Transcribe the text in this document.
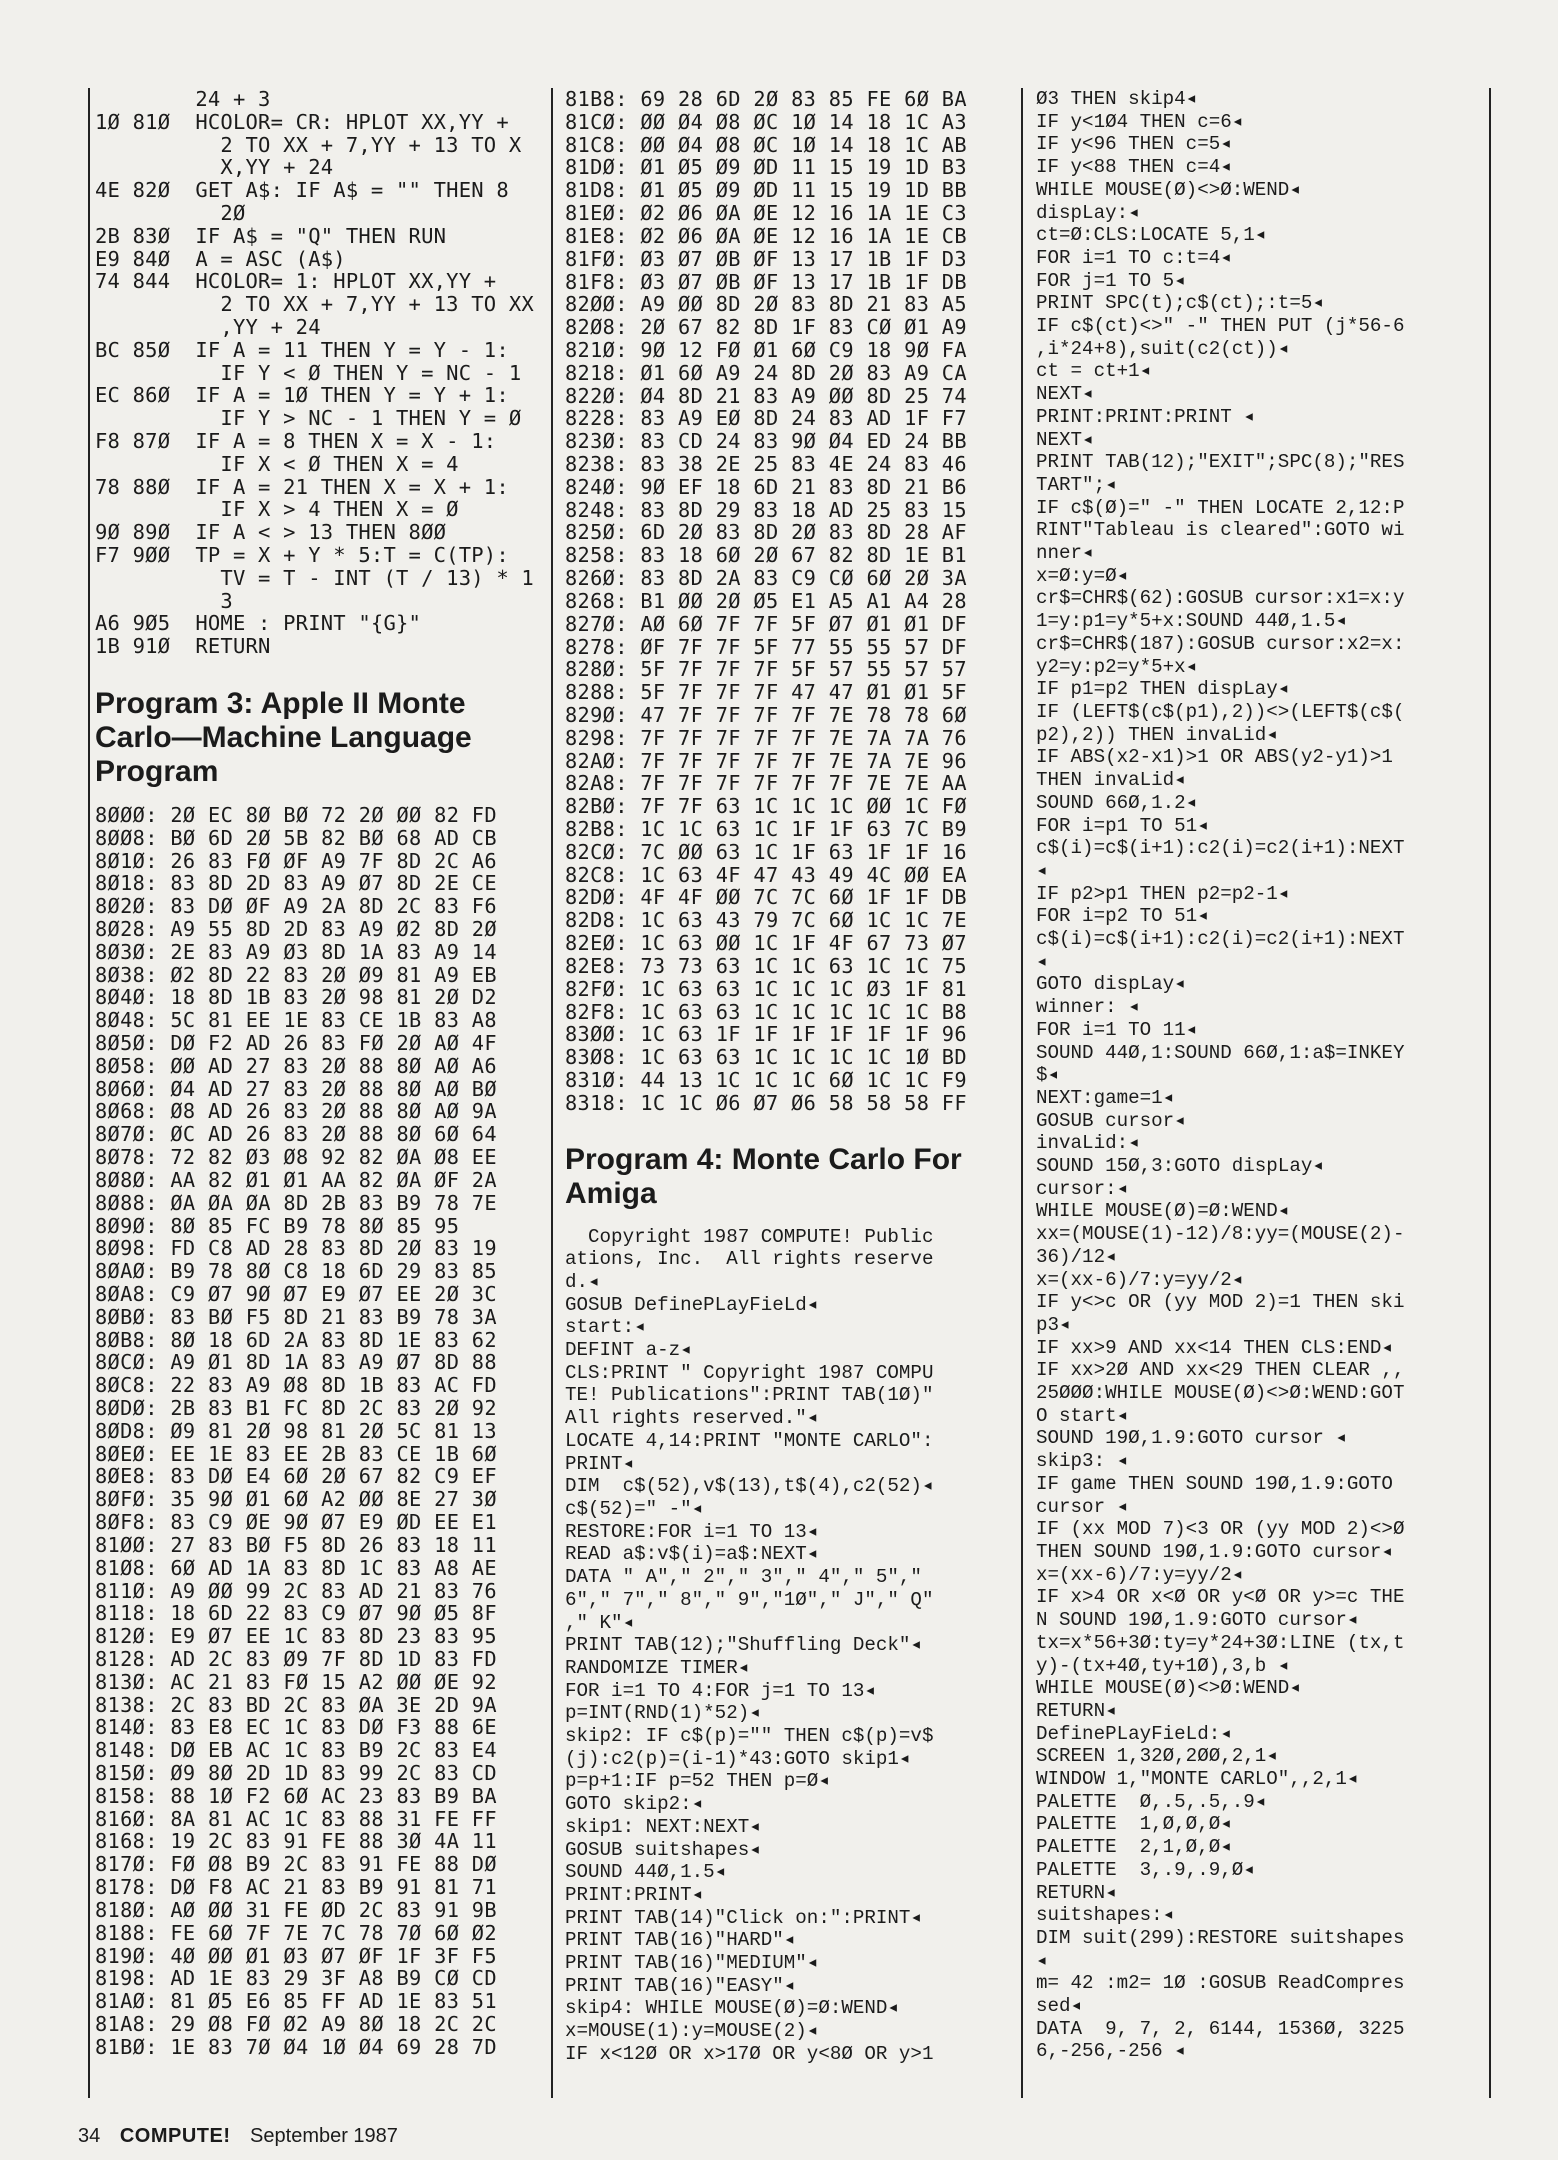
24 + 3
1Ø 81Ø  HCOLOR= CR: HPLOT XX,YY +
2 TO XX + 7,YY + 13 TO X
X,YY + 24
4E 82Ø  GET A$: IF A$ = "" THEN 8
2Ø
2B 83Ø  IF A$ = "Q" THEN RUN
E9 84Ø  A = ASC (A$)
74 844  HCOLOR= 1: HPLOT XX,YY +
2 TO XX + 7,YY + 13 TO XX
,YY + 24
BC 85Ø  IF A = 11 THEN Y = Y - 1:
IF Y < Ø THEN Y = NC - 1
EC 86Ø  IF A = 1Ø THEN Y = Y + 1:
IF Y > NC - 1 THEN Y = Ø
F8 87Ø  IF A = 8 THEN X = X - 1:
IF X < Ø THEN X = 4
78 88Ø  IF A = 21 THEN X = X + 1:
IF X > 4 THEN X = Ø
9Ø 89Ø  IF A < > 13 THEN 8ØØ
F7 9ØØ  TP = X + Y * 5:T = C(TP):
TV = T - INT (T / 13) * 1
3
A6 9Ø5  HOME : PRINT "{G}"
1B 91Ø  RETURN
Program 3: Apple II Monte Carlo—Machine Language Program
8ØØØ: 2Ø EC 8Ø BØ 72 2Ø ØØ 82 FD
8ØØ8: BØ 6D 2Ø 5B 82 BØ 68 AD CB
8Ø1Ø: 26 83 FØ ØF A9 7F 8D 2C A6
8Ø18: 83 8D 2D 83 A9 Ø7 8D 2E CE
8Ø2Ø: 83 DØ ØF A9 2A 8D 2C 83 F6
8Ø28: A9 55 8D 2D 83 A9 Ø2 8D 2Ø
8Ø3Ø: 2E 83 A9 Ø3 8D 1A 83 A9 14
8Ø38: Ø2 8D 22 83 2Ø Ø9 81 A9 EB
8Ø4Ø: 18 8D 1B 83 2Ø 98 81 2Ø D2
8Ø48: 5C 81 EE 1E 83 CE 1B 83 A8
8Ø5Ø: DØ F2 AD 26 83 FØ 2Ø AØ 4F
8Ø58: ØØ AD 27 83 2Ø 88 8Ø AØ A6
8Ø6Ø: Ø4 AD 27 83 2Ø 88 8Ø AØ BØ
8Ø68: Ø8 AD 26 83 2Ø 88 8Ø AØ 9A
8Ø7Ø: ØC AD 26 83 2Ø 88 8Ø 6Ø 64
8Ø78: 72 82 Ø3 Ø8 92 82 ØA Ø8 EE
8Ø8Ø: AA 82 Ø1 Ø1 AA 82 ØA ØF 2A
8Ø88: ØA ØA ØA 8D 2B 83 B9 78 7E
8Ø9Ø: 8Ø 85 FC B9 78 8Ø 85 95
8Ø98: FD C8 AD 28 83 8D 2Ø 83 19
8ØAØ: B9 78 8Ø C8 18 6D 29 83 85
8ØA8: C9 Ø7 9Ø Ø7 E9 Ø7 EE 2Ø 3C
8ØBØ: 83 BØ F5 8D 21 83 B9 78 3A
8ØB8: 8Ø 18 6D 2A 83 8D 1E 83 62
8ØCØ: A9 Ø1 8D 1A 83 A9 Ø7 8D 88
8ØC8: 22 83 A9 Ø8 8D 1B 83 AC FD
8ØDØ: 2B 83 B1 FC 8D 2C 83 2Ø 92
8ØD8: Ø9 81 2Ø 98 81 2Ø 5C 81 13
8ØEØ: EE 1E 83 EE 2B 83 CE 1B 6Ø
8ØE8: 83 DØ E4 6Ø 2Ø 67 82 C9 EF
8ØFØ: 35 9Ø Ø1 6Ø A2 ØØ 8E 27 3Ø
8ØF8: 83 C9 ØE 9Ø Ø7 E9 ØD EE E1
81ØØ: 27 83 BØ F5 8D 26 83 18 11
81Ø8: 6Ø AD 1A 83 8D 1C 83 A8 AE
811Ø: A9 ØØ 99 2C 83 AD 21 83 76
8118: 18 6D 22 83 C9 Ø7 9Ø Ø5 8F
812Ø: E9 Ø7 EE 1C 83 8D 23 83 95
8128: AD 2C 83 Ø9 7F 8D 1D 83 FD
813Ø: AC 21 83 FØ 15 A2 ØØ ØE 92
8138: 2C 83 BD 2C 83 ØA 3E 2D 9A
814Ø: 83 E8 EC 1C 83 DØ F3 88 6E
8148: DØ EB AC 1C 83 B9 2C 83 E4
815Ø: Ø9 8Ø 2D 1D 83 99 2C 83 CD
8158: 88 1Ø F2 6Ø AC 23 83 B9 BA
816Ø: 8A 81 AC 1C 83 88 31 FE FF
8168: 19 2C 83 91 FE 88 3Ø 4A 11
817Ø: FØ Ø8 B9 2C 83 91 FE 88 DØ
8178: DØ F8 AC 21 83 B9 91 81 71
818Ø: AØ ØØ 31 FE ØD 2C 83 91 9B
8188: FE 6Ø 7F 7E 7C 78 7Ø 6Ø Ø2
819Ø: 4Ø ØØ Ø1 Ø3 Ø7 ØF 1F 3F F5
8198: AD 1E 83 29 3F A8 B9 CØ CD
81AØ: 81 Ø5 E6 85 FF AD 1E 83 51
81A8: 29 Ø8 FØ Ø2 A9 8Ø 18 2C 2C
81BØ: 1E 83 7Ø Ø4 1Ø Ø4 69 28 7D
81B8: 69 28 6D 2Ø 83 85 FE 6Ø BA
81CØ: ØØ Ø4 Ø8 ØC 1Ø 14 18 1C A3
81C8: ØØ Ø4 Ø8 ØC 1Ø 14 18 1C AB
81DØ: Ø1 Ø5 Ø9 ØD 11 15 19 1D B3
81D8: Ø1 Ø5 Ø9 ØD 11 15 19 1D BB
81EØ: Ø2 Ø6 ØA ØE 12 16 1A 1E C3
81E8: Ø2 Ø6 ØA ØE 12 16 1A 1E CB
81FØ: Ø3 Ø7 ØB ØF 13 17 1B 1F D3
81F8: Ø3 Ø7 ØB ØF 13 17 1B 1F DB
82ØØ: A9 ØØ 8D 2Ø 83 8D 21 83 A5
82Ø8: 2Ø 67 82 8D 1F 83 CØ Ø1 A9
821Ø: 9Ø 12 FØ Ø1 6Ø C9 18 9Ø FA
8218: Ø1 6Ø A9 24 8D 2Ø 83 A9 CA
822Ø: Ø4 8D 21 83 A9 ØØ 8D 25 74
8228: 83 A9 EØ 8D 24 83 AD 1F F7
823Ø: 83 CD 24 83 9Ø Ø4 ED 24 BB
8238: 83 38 2E 25 83 4E 24 83 46
824Ø: 9Ø EF 18 6D 21 83 8D 21 B6
8248: 83 8D 29 83 18 AD 25 83 15
825Ø: 6D 2Ø 83 8D 2Ø 83 8D 28 AF
8258: 83 18 6Ø 2Ø 67 82 8D 1E B1
826Ø: 83 8D 2A 83 C9 CØ 6Ø 2Ø 3A
8268: B1 ØØ 2Ø Ø5 E1 A5 A1 A4 28
827Ø: AØ 6Ø 7F 7F 5F Ø7 Ø1 Ø1 DF
8278: ØF 7F 7F 5F 77 55 55 57 DF
828Ø: 5F 7F 7F 7F 5F 57 55 57 57
8288: 5F 7F 7F 7F 47 47 Ø1 Ø1 5F
829Ø: 47 7F 7F 7F 7F 7E 78 78 6Ø
8298: 7F 7F 7F 7F 7F 7E 7A 7A 76
82AØ: 7F 7F 7F 7F 7F 7E 7A 7E 96
82A8: 7F 7F 7F 7F 7F 7F 7E 7E AA
82BØ: 7F 7F 63 1C 1C 1C ØØ 1C FØ
82B8: 1C 1C 63 1C 1F 1F 63 7C B9
82CØ: 7C ØØ 63 1C 1F 63 1F 1F 16
82C8: 1C 63 4F 47 43 49 4C ØØ EA
82DØ: 4F 4F ØØ 7C 7C 6Ø 1F 1F DB
82D8: 1C 63 43 79 7C 6Ø 1C 1C 7E
82EØ: 1C 63 ØØ 1C 1F 4F 67 73 Ø7
82E8: 73 73 63 1C 1C 63 1C 1C 75
82FØ: 1C 63 63 1C 1C 1C Ø3 1F 81
82F8: 1C 63 63 1C 1C 1C 1C 1C B8
83ØØ: 1C 63 1F 1F 1F 1F 1F 1F 96
83Ø8: 1C 63 63 1C 1C 1C 1C 1Ø BD
831Ø: 44 13 1C 1C 1C 6Ø 1C 1C F9
8318: 1C 1C Ø6 Ø7 Ø6 58 58 58 FF
Program 4: Monte Carlo For Amiga
Copyright 1987 COMPUTE! Public
ations, Inc.  All rights reserve
d.◂
GOSUB DefinePLayFieLd◂
start:◂
DEFINT a-z◂
CLS:PRINT " Copyright 1987 COMPU
TE! Publications":PRINT TAB(1Ø)"
All rights reserved."◂
LOCATE 4,14:PRINT "MONTE CARLO":
PRINT◂
DIM  c$(52),v$(13),t$(4),c2(52)◂
c$(52)=" -"◂
RESTORE:FOR i=1 TO 13◂
READ a$:v$(i)=a$:NEXT◂
DATA " A"," 2"," 3"," 4"," 5","
6"," 7"," 8"," 9","1Ø"," J"," Q"
," K"◂
PRINT TAB(12);"Shuffling Deck"◂
RANDOMIZE TIMER◂
FOR i=1 TO 4:FOR j=1 TO 13◂
p=INT(RND(1)*52)◂
skip2: IF c$(p)="" THEN c$(p)=v$
(j):c2(p)=(i-1)*43:GOTO skip1◂
p=p+1:IF p=52 THEN p=Ø◂
GOTO skip2:◂
skip1: NEXT:NEXT◂
GOSUB suitshapes◂
SOUND 44Ø,1.5◂
PRINT:PRINT◂
PRINT TAB(14)"Click on:":PRINT◂
PRINT TAB(16)"HARD"◂
PRINT TAB(16)"MEDIUM"◂
PRINT TAB(16)"EASY"◂
skip4: WHILE MOUSE(Ø)=Ø:WEND◂
x=MOUSE(1):y=MOUSE(2)◂
IF x<12Ø OR x>17Ø OR y<8Ø OR y>1
Ø3 THEN skip4◂
IF y<1Ø4 THEN c=6◂
IF y<96 THEN c=5◂
IF y<88 THEN c=4◂
WHILE MOUSE(Ø)<>Ø:WEND◂
dispLay:◂
ct=Ø:CLS:LOCATE 5,1◂
FOR i=1 TO c:t=4◂
FOR j=1 TO 5◂
PRINT SPC(t);c$(ct);:t=5◂
IF c$(ct)<>" -" THEN PUT (j*56-6
,i*24+8),suit(c2(ct))◂
ct = ct+1◂
NEXT◂
PRINT:PRINT:PRINT ◂
NEXT◂
PRINT TAB(12);"EXIT";SPC(8);"RES
TART";◂
IF c$(Ø)=" -" THEN LOCATE 2,12:P
RINT"Tableau is cleared":GOTO wi
nner◂
x=Ø:y=Ø◂
cr$=CHR$(62):GOSUB cursor:x1=x:y
1=y:p1=y*5+x:SOUND 44Ø,1.5◂
cr$=CHR$(187):GOSUB cursor:x2=x:
y2=y:p2=y*5+x◂
IF p1=p2 THEN dispLay◂
IF (LEFT$(c$(p1),2))<>(LEFT$(c$(
p2),2)) THEN invaLid◂
IF ABS(x2-x1)>1 OR ABS(y2-y1)>1
THEN invaLid◂
SOUND 66Ø,1.2◂
FOR i=p1 TO 51◂
c$(i)=c$(i+1):c2(i)=c2(i+1):NEXT
◂
IF p2>p1 THEN p2=p2-1◂
FOR i=p2 TO 51◂
c$(i)=c$(i+1):c2(i)=c2(i+1):NEXT
◂
GOTO dispLay◂
winner: ◂
FOR i=1 TO 11◂
SOUND 44Ø,1:SOUND 66Ø,1:a$=INKEY
$◂
NEXT:game=1◂
GOSUB cursor◂
invaLid:◂
SOUND 15Ø,3:GOTO dispLay◂
cursor:◂
WHILE MOUSE(Ø)=Ø:WEND◂
xx=(MOUSE(1)-12)/8:yy=(MOUSE(2)-
36)/12◂
x=(xx-6)/7:y=yy/2◂
IF y<>c OR (yy MOD 2)=1 THEN ski
p3◂
IF xx>9 AND xx<14 THEN CLS:END◂
IF xx>2Ø AND xx<29 THEN CLEAR ,,
25ØØØ:WHILE MOUSE(Ø)<>Ø:WEND:GOT
O start◂
SOUND 19Ø,1.9:GOTO cursor ◂
skip3: ◂
IF game THEN SOUND 19Ø,1.9:GOTO
cursor ◂
IF (xx MOD 7)<3 OR (yy MOD 2)<>Ø
THEN SOUND 19Ø,1.9:GOTO cursor◂
x=(xx-6)/7:y=yy/2◂
IF x>4 OR x<Ø OR y<Ø OR y>=c THE
N SOUND 19Ø,1.9:GOTO cursor◂
tx=x*56+3Ø:ty=y*24+3Ø:LINE (tx,t
y)-(tx+4Ø,ty+1Ø),3,b ◂
WHILE MOUSE(Ø)<>Ø:WEND◂
RETURN◂
DefinePLayFieLd:◂
SCREEN 1,32Ø,2ØØ,2,1◂
WINDOW 1,"MONTE CARLO",,2,1◂
PALETTE  Ø,.5,.5,.9◂
PALETTE  1,Ø,Ø,Ø◂
PALETTE  2,1,Ø,Ø◂
PALETTE  3,.9,.9,Ø◂
RETURN◂
suitshapes:◂
DIM suit(299):RESTORE suitshapes
◂
m= 42 :m2= 1Ø :GOSUB ReadCompres
sed◂
DATA  9, 7, 2, 6144, 1536Ø, 3225
6,-256,-256 ◂
34 COMPUTE! September 1987
